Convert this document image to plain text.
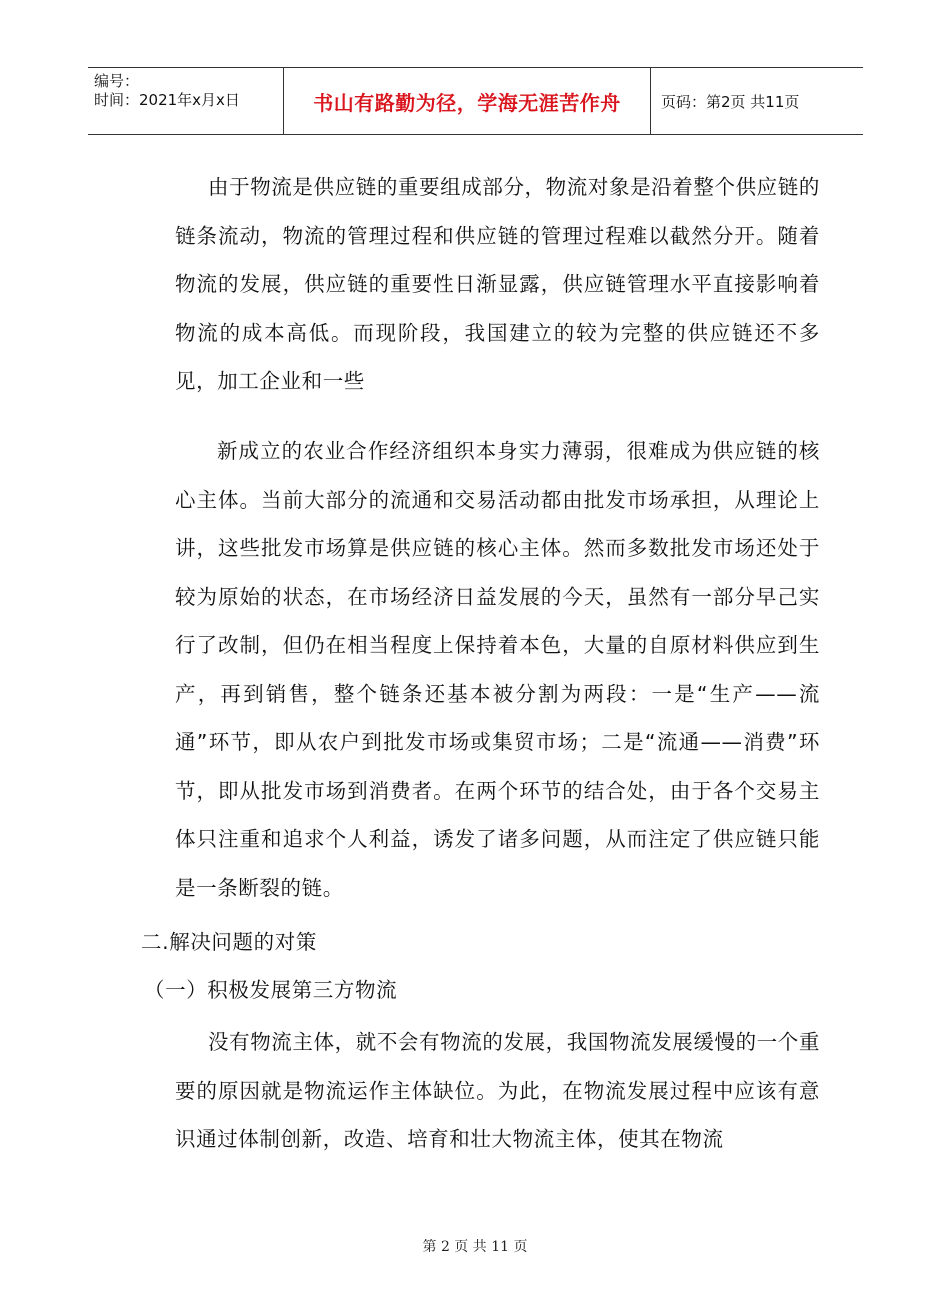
编号：
时间：2021年x月x日	书山有路勤为径，学海无涯苦作舟	页码：第2页 共11页

由于物流是供应链的重要组成部分，物流对象是沿着整个供应链的链条流动，物流的管理过程和供应链的管理过程难以截然分开。随着物流的发展，供应链的重要性日渐显露，供应链管理水平直接影响着物流的成本高低。而现阶段，我国建立的较为完整的供应链还不多见，加工企业和一些

新成立的农业合作经济组织本身实力薄弱，很难成为供应链的核心主体。当前大部分的流通和交易活动都由批发市场承担，从理论上讲，这些批发市场算是供应链的核心主体。然而多数批发市场还处于较为原始的状态，在市场经济日益发展的今天，虽然有一部分早己实行了改制，但仍在相当程度上保持着本色，大量的自原材料供应到生产，再到销售，整个链条还基本被分割为两段：一是“生产——流通”环节，即从农户到批发市场或集贸市场；二是“流通——消费”环节，即从批发市场到消费者。在两个环节的结合处，由于各个交易主体只注重和追求个人利益，诱发了诸多问题，从而注定了供应链只能是一条断裂的链。

二.解决问题的对策

（一）积极发展第三方物流

没有物流主体，就不会有物流的发展，我国物流发展缓慢的一个重要的原因就是物流运作主体缺位。为此，在物流发展过程中应该有意识通过体制创新，改造、培育和壮大物流主体，使其在物流

第 2 页 共 11 页
